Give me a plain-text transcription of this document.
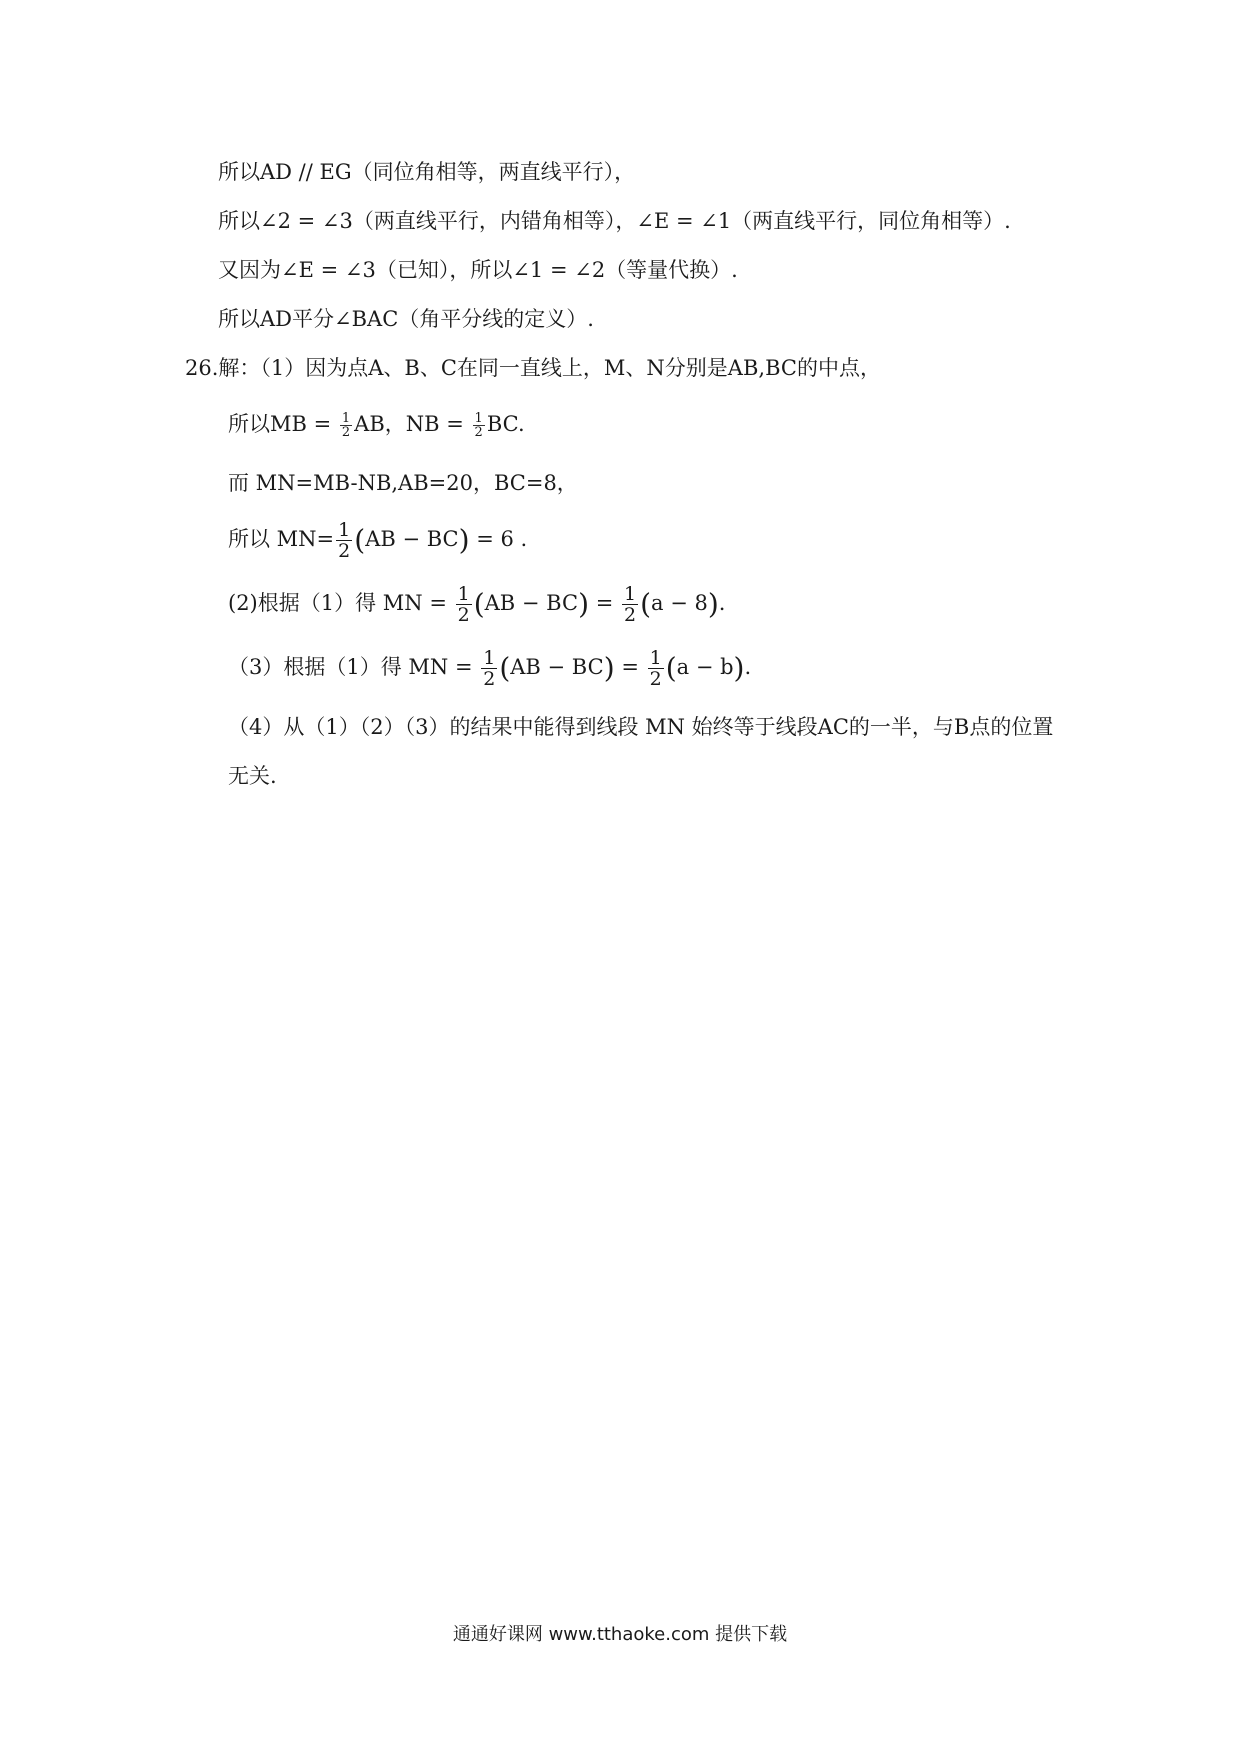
所以AD // EG（同位角相等，两直线平行），
所以∠2 = ∠3（两直线平行，内错角相等），∠E = ∠1（两直线平行，同位角相等）.
又因为∠E = ∠3（已知），所以∠1 = ∠2（等量代换）.
所以AD平分∠BAC（角平分线的定义）.
26.解：（1）因为点A、B、C在同一直线上，M、N分别是AB,BC的中点，
所以MB = $\frac{1}{2}$ AB，NB = $\frac{1}{2}$ BC.
而 MN=MB-NB,AB=20，BC=8，
所以 $MN= \frac{1}{2} (AB - BC) = 6$ .
(2)根据（1）得 MN = $\frac{1}{2} (AB - BC) = \frac{1}{2} (a - 8)$.
（3）根据（1）得 MN = $\frac{1}{2} (AB - BC) = \frac{1}{2} (a - b)$.
（4）从（1）（2）（3）的结果中能得到线段 MN 始终等于线段AC的一半，与B点的位置
无关.
通通好课网 www.tthaoke.com 提供下载
